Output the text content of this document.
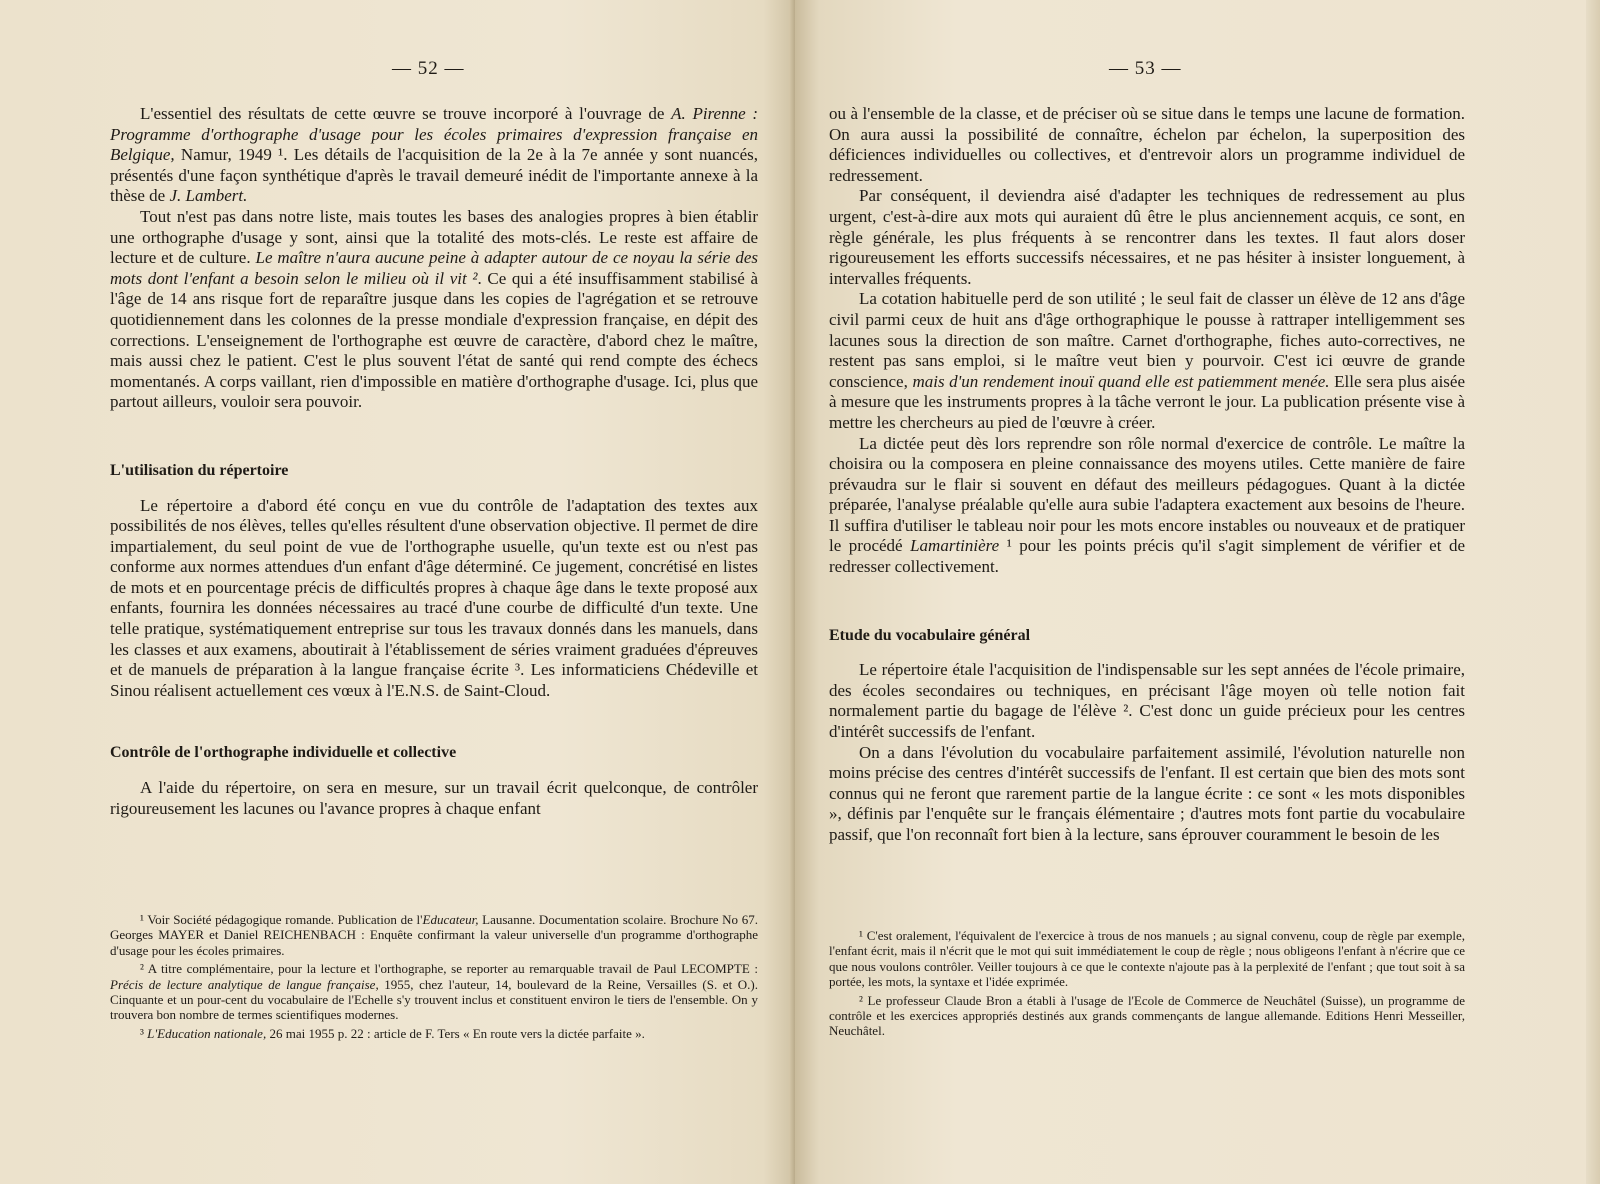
— 52 —

L'essentiel des résultats de cette œuvre se trouve incorporé à l'ouvrage de A. Pirenne : Programme d'orthographe d'usage pour les écoles primaires d'expression française en Belgique, Namur, 1949 ¹. Les détails de l'acquisition de la 2e à la 7e année y sont nuancés, présentés d'une façon synthétique d'après le travail demeuré inédit de l'importante annexe à la thèse de J. Lambert.

Tout n'est pas dans notre liste, mais toutes les bases des analogies propres à bien établir une orthographe d'usage y sont, ainsi que la totalité des mots-clés. Le reste est affaire de lecture et de culture. Le maître n'aura aucune peine à adapter autour de ce noyau la série des mots dont l'enfant a besoin selon le milieu où il vit ². Ce qui a été insuffisamment stabilisé à l'âge de 14 ans risque fort de reparaître jusque dans les copies de l'agrégation et se retrouve quotidiennement dans les colonnes de la presse mondiale d'expression française, en dépit des corrections. L'enseignement de l'orthographe est œuvre de caractère, d'abord chez le maître, mais aussi chez le patient. C'est le plus souvent l'état de santé qui rend compte des échecs momentanés. A corps vaillant, rien d'impossible en matière d'orthographe d'usage. Ici, plus que partout ailleurs, vouloir sera pouvoir.

L'utilisation du répertoire

Le répertoire a d'abord été conçu en vue du contrôle de l'adaptation des textes aux possibilités de nos élèves, telles qu'elles résultent d'une observation objective. Il permet de dire impartialement, du seul point de vue de l'orthographe usuelle, qu'un texte est ou n'est pas conforme aux normes attendues d'un enfant d'âge déterminé. Ce jugement, concrétisé en listes de mots et en pourcentage précis de difficultés propres à chaque âge dans le texte proposé aux enfants, fournira les données nécessaires au tracé d'une courbe de difficulté d'un texte. Une telle pratique, systématiquement entreprise sur tous les travaux donnés dans les manuels, dans les classes et aux examens, aboutirait à l'établissement de séries vraiment graduées d'épreuves et de manuels de préparation à la langue française écrite ³. Les informaticiens Chédeville et Sinou réalisent actuellement ces vœux à l'E.N.S. de Saint-Cloud.

Contrôle de l'orthographe individuelle et collective

A l'aide du répertoire, on sera en mesure, sur un travail écrit quelconque, de contrôler rigoureusement les lacunes ou l'avance propres à chaque enfant

¹ Voir Société pédagogique romande. Publication de l'Educateur, Lausanne. Documentation scolaire. Brochure No 67. Georges MAYER et Daniel REICHENBACH : Enquête confirmant la valeur universelle d'un programme d'orthographe d'usage pour les écoles primaires.

² A titre complémentaire, pour la lecture et l'orthographe, se reporter au remarquable travail de Paul LECOMPTE : Précis de lecture analytique de langue française, 1955, chez l'auteur, 14, boulevard de la Reine, Versailles (S. et O.). Cinquante et un pour-cent du vocabulaire de l'Echelle s'y trouvent inclus et constituent environ le tiers de l'ensemble. On y trouvera bon nombre de termes scientifiques modernes.

³ L'Education nationale, 26 mai 1955 p. 22 : article de F. Ters « En route vers la dictée parfaite ».

— 53 —

ou à l'ensemble de la classe, et de préciser où se situe dans le temps une lacune de formation. On aura aussi la possibilité de connaître, échelon par échelon, la superposition des déficiences individuelles ou collectives, et d'entrevoir alors un programme individuel de redressement.

Par conséquent, il deviendra aisé d'adapter les techniques de redressement au plus urgent, c'est-à-dire aux mots qui auraient dû être le plus anciennement acquis, ce sont, en règle générale, les plus fréquents à se rencontrer dans les textes. Il faut alors doser rigoureusement les efforts successifs nécessaires, et ne pas hésiter à insister longuement, à intervalles fréquents.

La cotation habituelle perd de son utilité ; le seul fait de classer un élève de 12 ans d'âge civil parmi ceux de huit ans d'âge orthographique le pousse à rattraper intelligemment ses lacunes sous la direction de son maître. Carnet d'orthographe, fiches auto-correctives, ne restent pas sans emploi, si le maître veut bien y pourvoir. C'est ici œuvre de grande conscience, mais d'un rendement inouï quand elle est patiemment menée. Elle sera plus aisée à mesure que les instruments propres à la tâche verront le jour. La publication présente vise à mettre les chercheurs au pied de l'œuvre à créer.

La dictée peut dès lors reprendre son rôle normal d'exercice de contrôle. Le maître la choisira ou la composera en pleine connaissance des moyens utiles. Cette manière de faire prévaudra sur le flair si souvent en défaut des meilleurs pédagogues. Quant à la dictée préparée, l'analyse préalable qu'elle aura subie l'adaptera exactement aux besoins de l'heure. Il suffira d'utiliser le tableau noir pour les mots encore instables ou nouveaux et de pratiquer le procédé Lamartinière ¹ pour les points précis qu'il s'agit simplement de vérifier et de redresser collectivement.

Etude du vocabulaire général

Le répertoire étale l'acquisition de l'indispensable sur les sept années de l'école primaire, des écoles secondaires ou techniques, en précisant l'âge moyen où telle notion fait normalement partie du bagage de l'élève ². C'est donc un guide précieux pour les centres d'intérêt successifs de l'enfant.

On a dans l'évolution du vocabulaire parfaitement assimilé, l'évolution naturelle non moins précise des centres d'intérêt successifs de l'enfant. Il est certain que bien des mots sont connus qui ne feront que rarement partie de la langue écrite : ce sont « les mots disponibles », définis par l'enquête sur le français élémentaire ; d'autres mots font partie du vocabulaire passif, que l'on reconnaît fort bien à la lecture, sans éprouver couramment le besoin de les

¹ C'est oralement, l'équivalent de l'exercice à trous de nos manuels ; au signal convenu, coup de règle par exemple, l'enfant écrit, mais il n'écrit que le mot qui suit immédiatement le coup de règle ; nous obligeons l'enfant à n'écrire que ce que nous voulons contrôler. Veiller toujours à ce que le contexte n'ajoute pas à la perplexité de l'enfant ; que tout soit à sa portée, les mots, la syntaxe et l'idée exprimée.

² Le professeur Claude Bron a établi à l'usage de l'Ecole de Commerce de Neuchâtel (Suisse), un programme de contrôle et les exercices appropriés destinés aux grands commençants de langue allemande. Editions Henri Messeiller, Neuchâtel.
